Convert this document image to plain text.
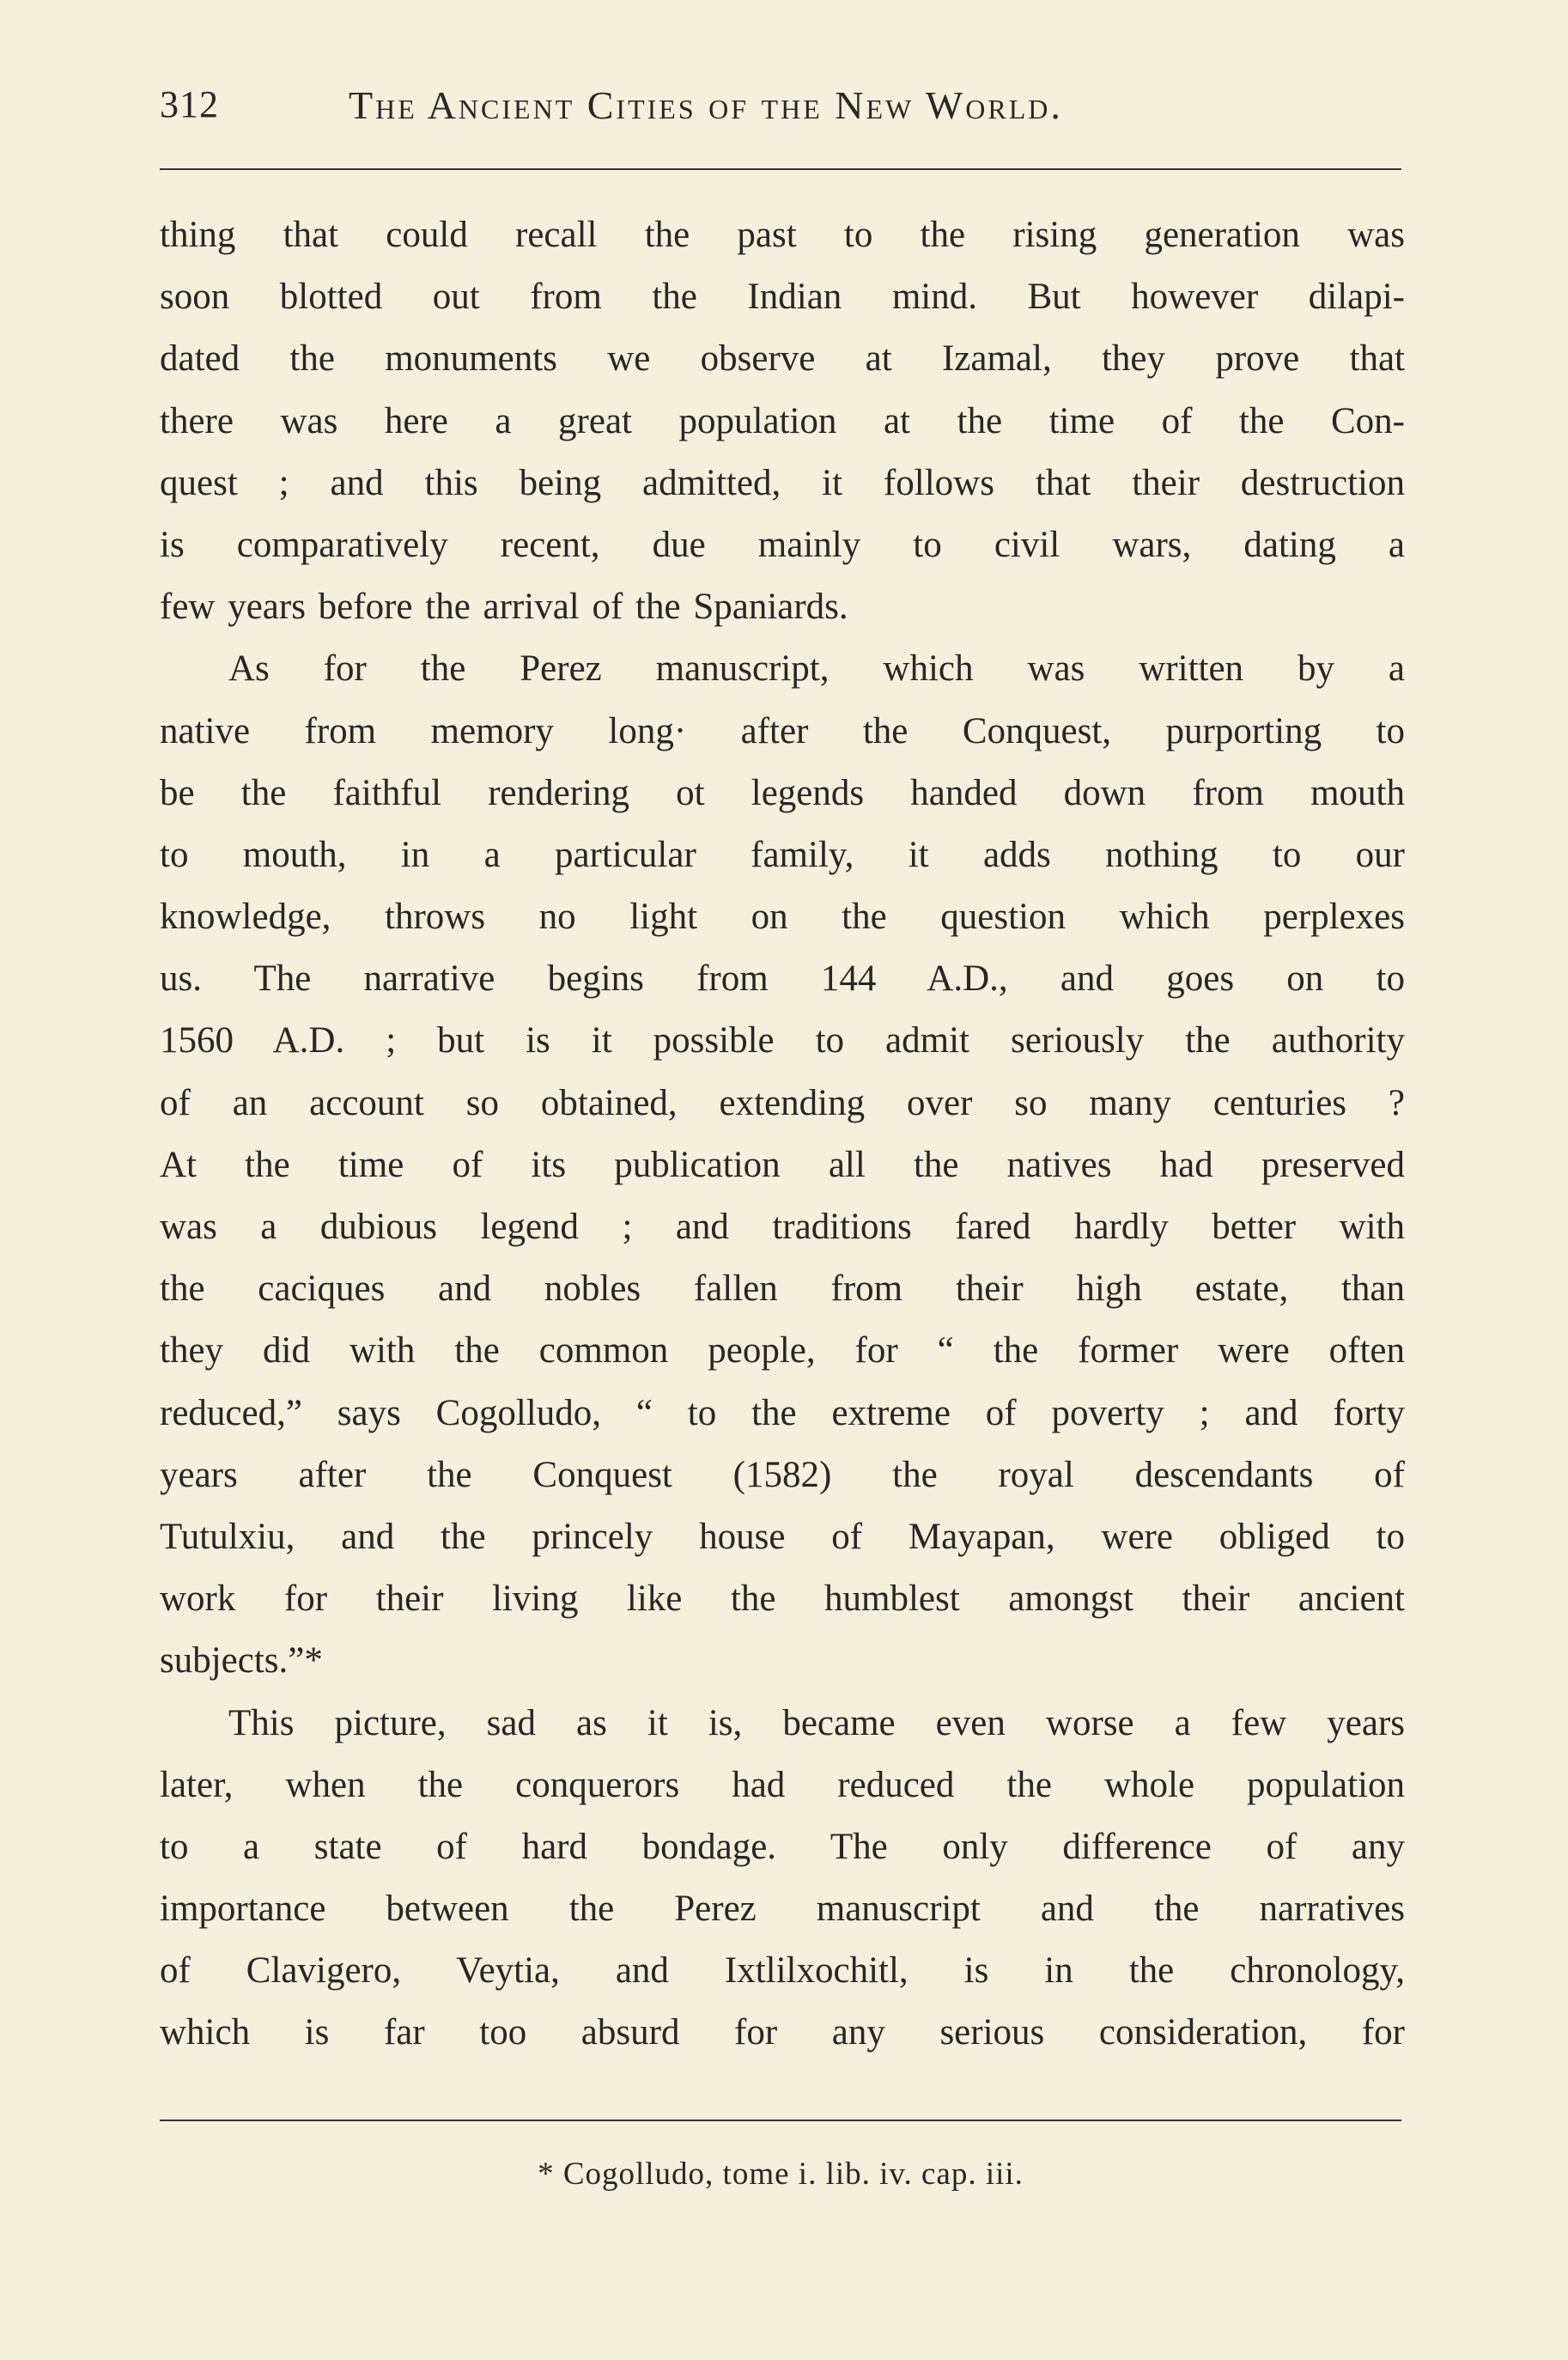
312	The Ancient Cities of the New World.
thing that could recall the past to the rising generation was
soon blotted out from the Indian mind. But however dilapi-
dated the monuments we observe at Izamal, they prove that
there was here a great population at the time of the Con-
quest ; and this being admitted, it follows that their destruction
is comparatively recent, due mainly to civil wars, dating a
few years before the arrival of the Spaniards.
As for the Perez manuscript, which was written by a
native from memory long· after the Conquest, purporting to
be the faithful rendering ot legends handed down from mouth
to mouth, in a particular family, it adds nothing to our
knowledge, throws no light on the question which perplexes
us. The narrative begins from 144 A.D., and goes on to
1560 A.D. ; but is it possible to admit seriously the authority
of an account so obtained, extending over so many centuries ?
At the time of its publication all the natives had preserved
was a dubious legend ; and traditions fared hardly better with
the caciques and nobles fallen from their high estate, than
they did with the common people, for “ the former were often
reduced,” says Cogolludo, “ to the extreme of poverty ; and forty
years after the Conquest (1582) the royal descendants of
Tutulxiu, and the princely house of Mayapan, were obliged to
work for their living like the humblest amongst their ancient
subjects.”*
This picture, sad as it is, became even worse a few years
later, when the conquerors had reduced the whole population
to a state of hard bondage. The only difference of any
importance between the Perez manuscript and the narratives
of Clavigero, Veytia, and Ixtlilxochitl, is in the chronology,
which is far too absurd for any serious consideration, for
* Cogolludo, tome i. lib. iv. cap. iii.
